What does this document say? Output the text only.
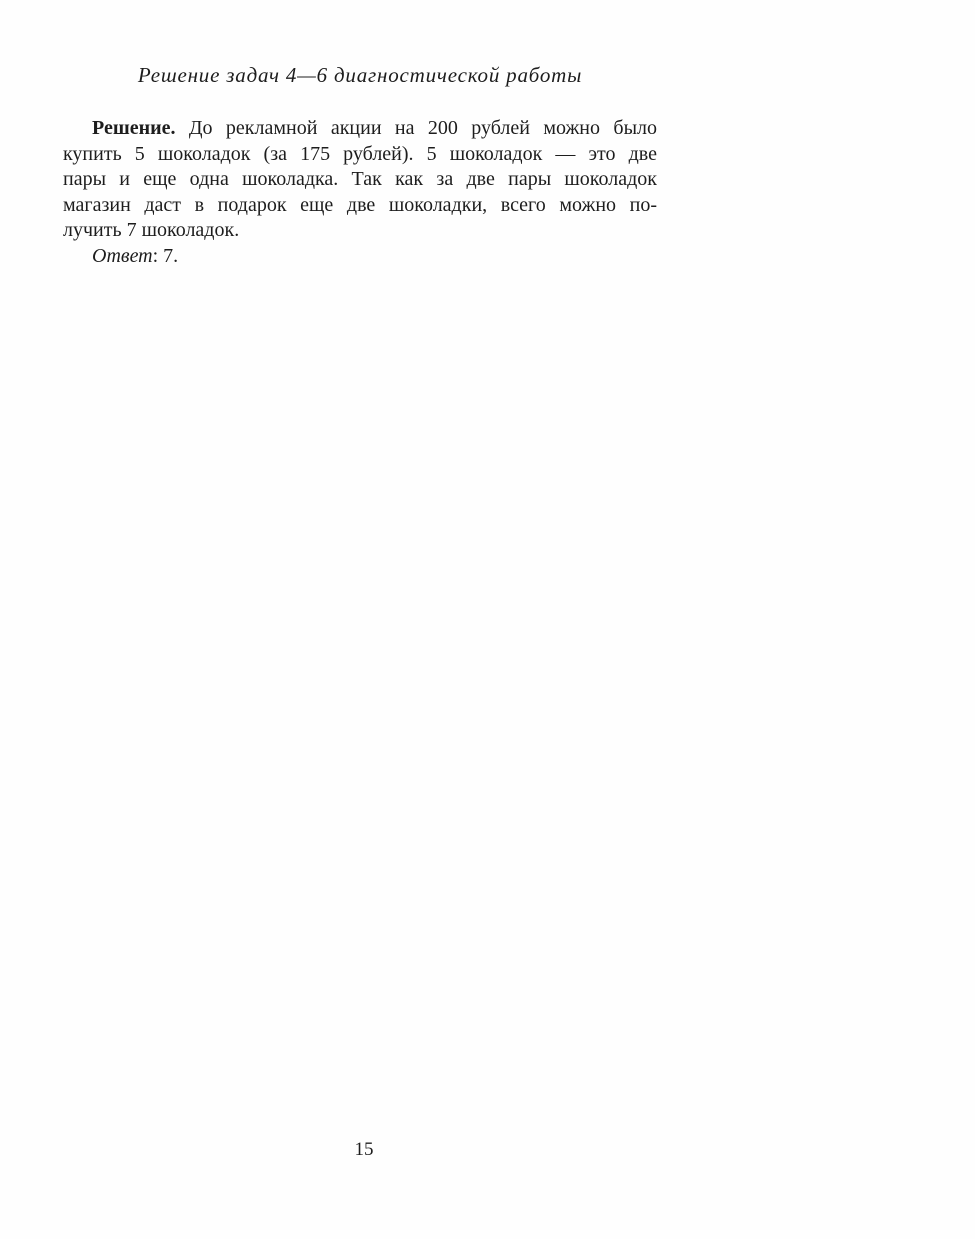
Решение задач 4—6 диагностической работы
Решение. До рекламной акции на 200 рублей можно было
купить 5 шоколадок (за 175 рублей). 5 шоколадок — это две
пары и еще одна шоколадка. Так как за две пары шоколадок
магазин даст в подарок еще две шоколадки, всего можно по-
лучить 7 шоколадок.
Ответ: 7.
15
